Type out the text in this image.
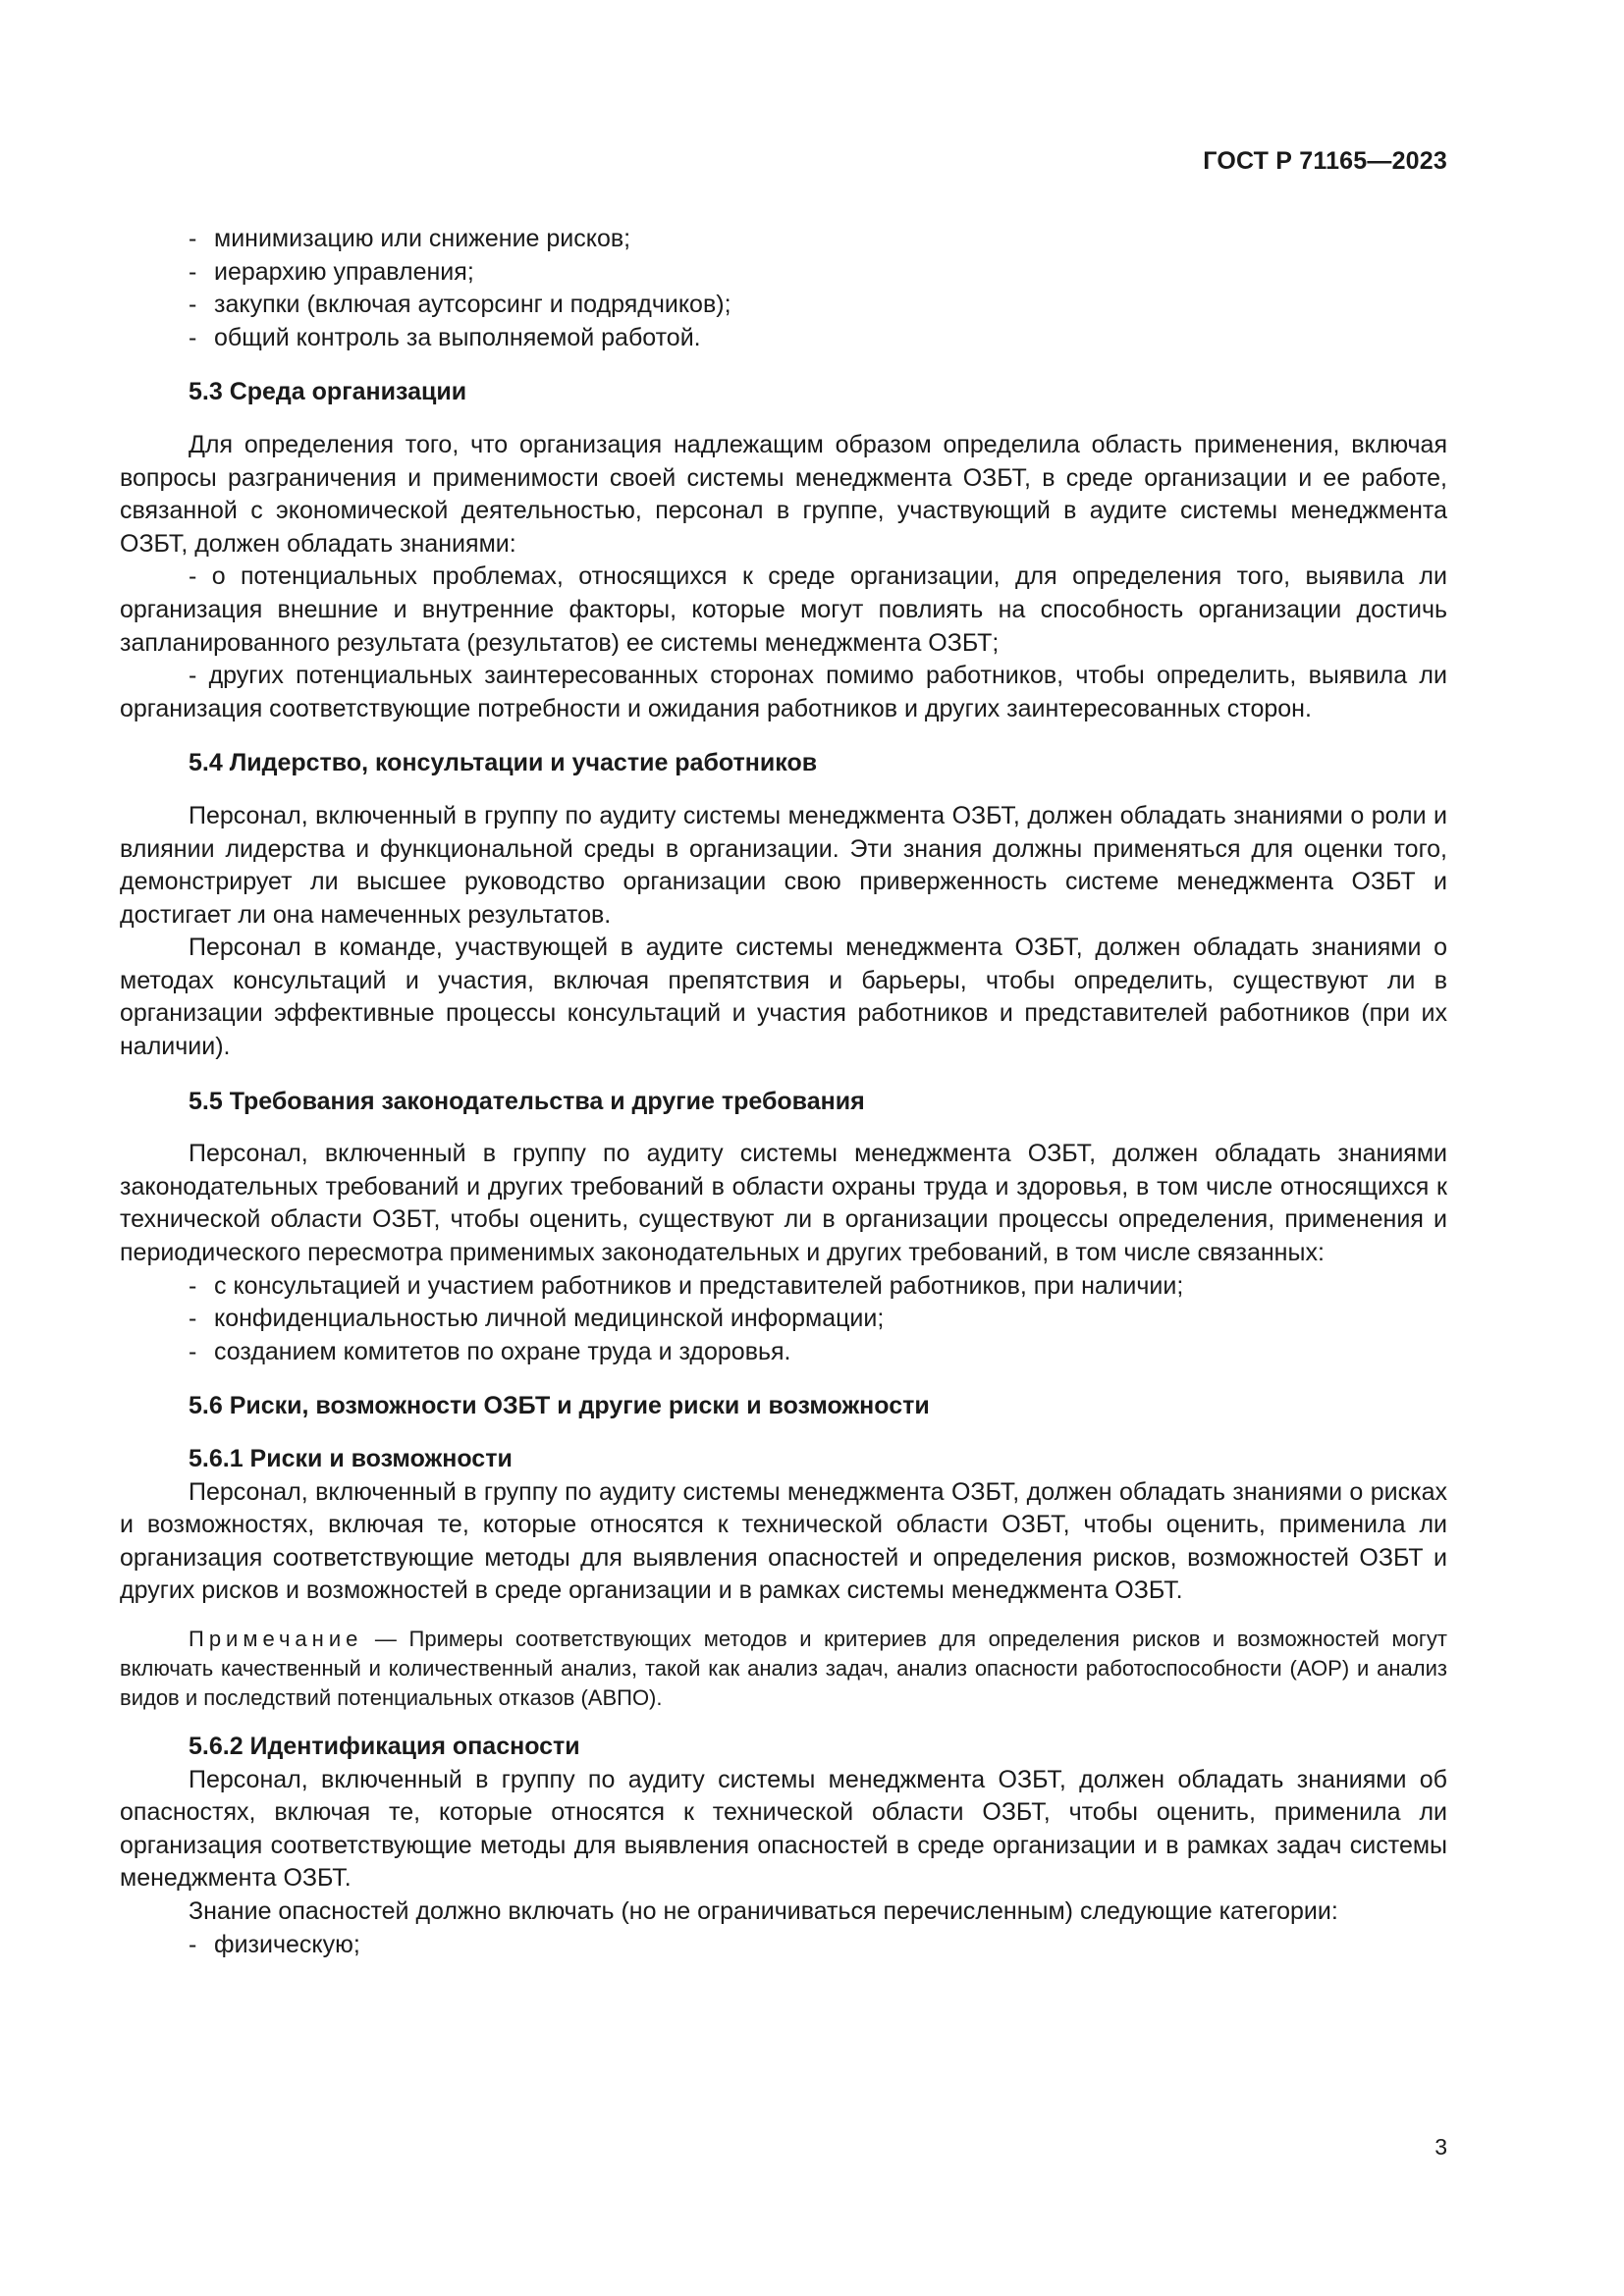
ГОСТ Р 71165—2023

- минимизацию или снижение рисков;

- иерархию управления;

- закупки (включая аутсорсинг и подрядчиков);

- общий контроль за выполняемой работой.

5.3 Среда организации

Для определения того, что организация надлежащим образом определила область применения, включая вопросы разграничения и применимости своей системы менеджмента ОЗБТ, в среде организации и ее работе, связанной с экономической деятельностью, персонал в группе, участвующий в аудите системы менеджмента ОЗБТ, должен обладать знаниями:

- о потенциальных проблемах, относящихся к среде организации, для определения того, выявила ли организация внешние и внутренние факторы, которые могут повлиять на способность организации достичь запланированного результата (результатов) ее системы менеджмента ОЗБТ;

- других потенциальных заинтересованных сторонах помимо работников, чтобы определить, выявила ли организация соответствующие потребности и ожидания работников и других заинтересованных сторон.

5.4 Лидерство, консультации и участие работников

Персонал, включенный в группу по аудиту системы менеджмента ОЗБТ, должен обладать знаниями о роли и влиянии лидерства и функциональной среды в организации. Эти знания должны применяться для оценки того, демонстрирует ли высшее руководство организации свою приверженность системе менеджмента ОЗБТ и достигает ли она намеченных результатов.

Персонал в команде, участвующей в аудите системы менеджмента ОЗБТ, должен обладать знаниями о методах консультаций и участия, включая препятствия и барьеры, чтобы определить, существуют ли в организации эффективные процессы консультаций и участия работников и представителей работников (при их наличии).

5.5 Требования законодательства и другие требования

Персонал, включенный в группу по аудиту системы менеджмента ОЗБТ, должен обладать знаниями законодательных требований и других требований в области охраны труда и здоровья, в том числе относящихся к технической области ОЗБТ, чтобы оценить, существуют ли в организации процессы определения, применения и периодического пересмотра применимых законодательных и других требований, в том числе связанных:

- с консультацией и участием работников и представителей работников, при наличии;

- конфиденциальностью личной медицинской информации;

- созданием комитетов по охране труда и здоровья.

5.6 Риски, возможности ОЗБТ и другие риски и возможности

5.6.1 Риски и возможности

Персонал, включенный в группу по аудиту системы менеджмента ОЗБТ, должен обладать знаниями о рисках и возможностях, включая те, которые относятся к технической области ОЗБТ, чтобы оценить, применила ли организация соответствующие методы для выявления опасностей и определения рисков, возможностей ОЗБТ и других рисков и возможностей в среде организации и в рамках системы менеджмента ОЗБТ.

Примечание — Примеры соответствующих методов и критериев для определения рисков и возможностей могут включать качественный и количественный анализ, такой как анализ задач, анализ опасности работоспособности (АОР) и анализ видов и последствий потенциальных отказов (АВПО).

5.6.2 Идентификация опасности

Персонал, включенный в группу по аудиту системы менеджмента ОЗБТ, должен обладать знаниями об опасностях, включая те, которые относятся к технической области ОЗБТ, чтобы оценить, применила ли организация соответствующие методы для выявления опасностей в среде организации и в рамках задач системы менеджмента ОЗБТ.

Знание опасностей должно включать (но не ограничиваться перечисленным) следующие категории:

- физическую;

3
